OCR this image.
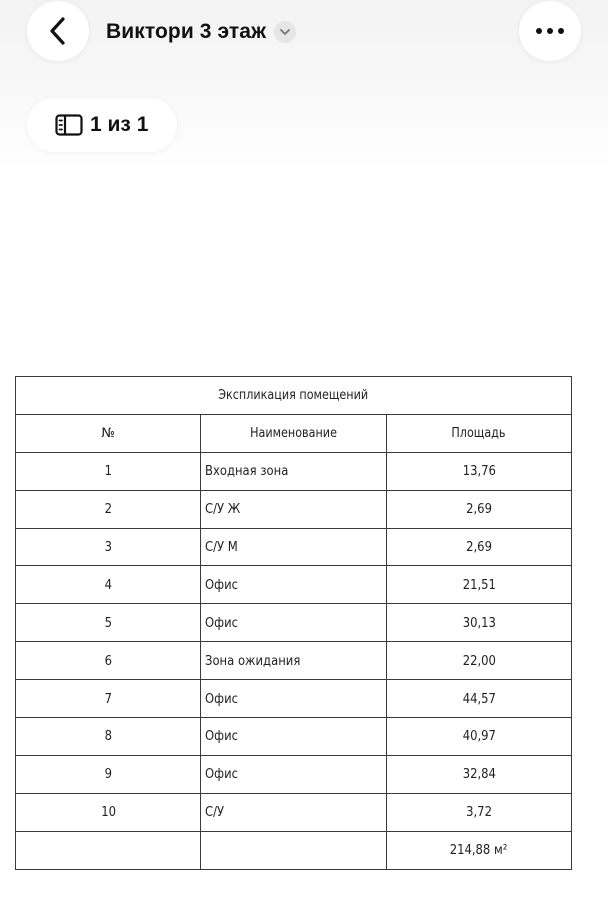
Виктори 3 этаж
1 из 1
Экспликация помещений		
№	Наименование	Площадь
1	Входная зона	13,76
2	С/У Ж	2,69
3	С/У М	2,69
4	Офис	21,51
5	Офис	30,13
6	Зона ожидания	22,00
7	Офис	44,57
8	Офис	40,97
9	Офис	32,84
10	С/У	3,72
		214,88 м²
